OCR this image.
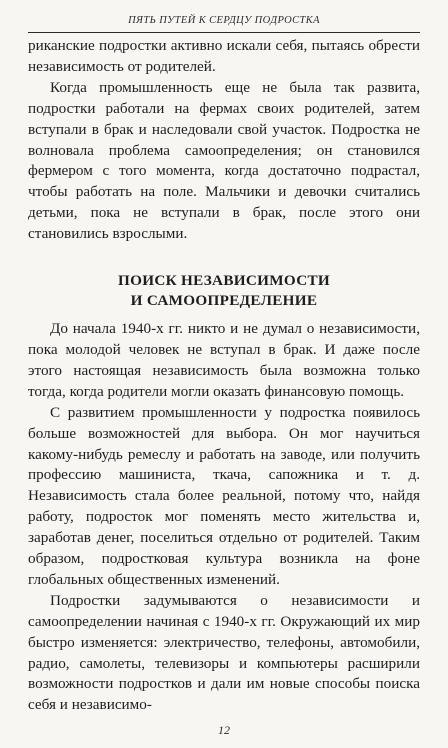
ПЯТЬ ПУТЕЙ К СЕРДЦУ ПОДРОСТКА

риканские подростки активно искали себя, пытаясь обрести независимость от родителей.

Когда промышленность еще не была так развита, подростки работали на фермах своих родителей, затем вступали в брак и наследовали свой участок. Подростка не волновала проблема самоопределения; он становился фермером с того момента, когда достаточно подрастал, чтобы работать на поле. Мальчики и девочки считались детьми, пока не вступали в брак, после этого они становились взрослыми.

ПОИСК НЕЗАВИСИМОСТИ
И САМООПРЕДЕЛЕНИЕ

До начала 1940-х гг. никто и не думал о независимости, пока молодой человек не вступал в брак. И даже после этого настоящая независимость была возможна только тогда, когда родители могли оказать финансовую помощь.

С развитием промышленности у подростка появилось больше возможностей для выбора. Он мог научиться какому-нибудь ремеслу и работать на заводе, или получить профессию машиниста, ткача, сапожника и т. д. Независимость стала более реальной, потому что, найдя работу, подросток мог поменять место жительства и, заработав денег, поселиться отдельно от родителей. Таким образом, подростковая культура возникла на фоне глобальных общественных изменений.

Подростки задумываются о независимости и самоопределении начиная с 1940-х гг. Окружающий их мир быстро изменяется: электричество, телефоны, автомобили, радио, самолеты, телевизоры и компьютеры расширили возможности подростков и дали им новые способы поиска себя и независимо-

12
